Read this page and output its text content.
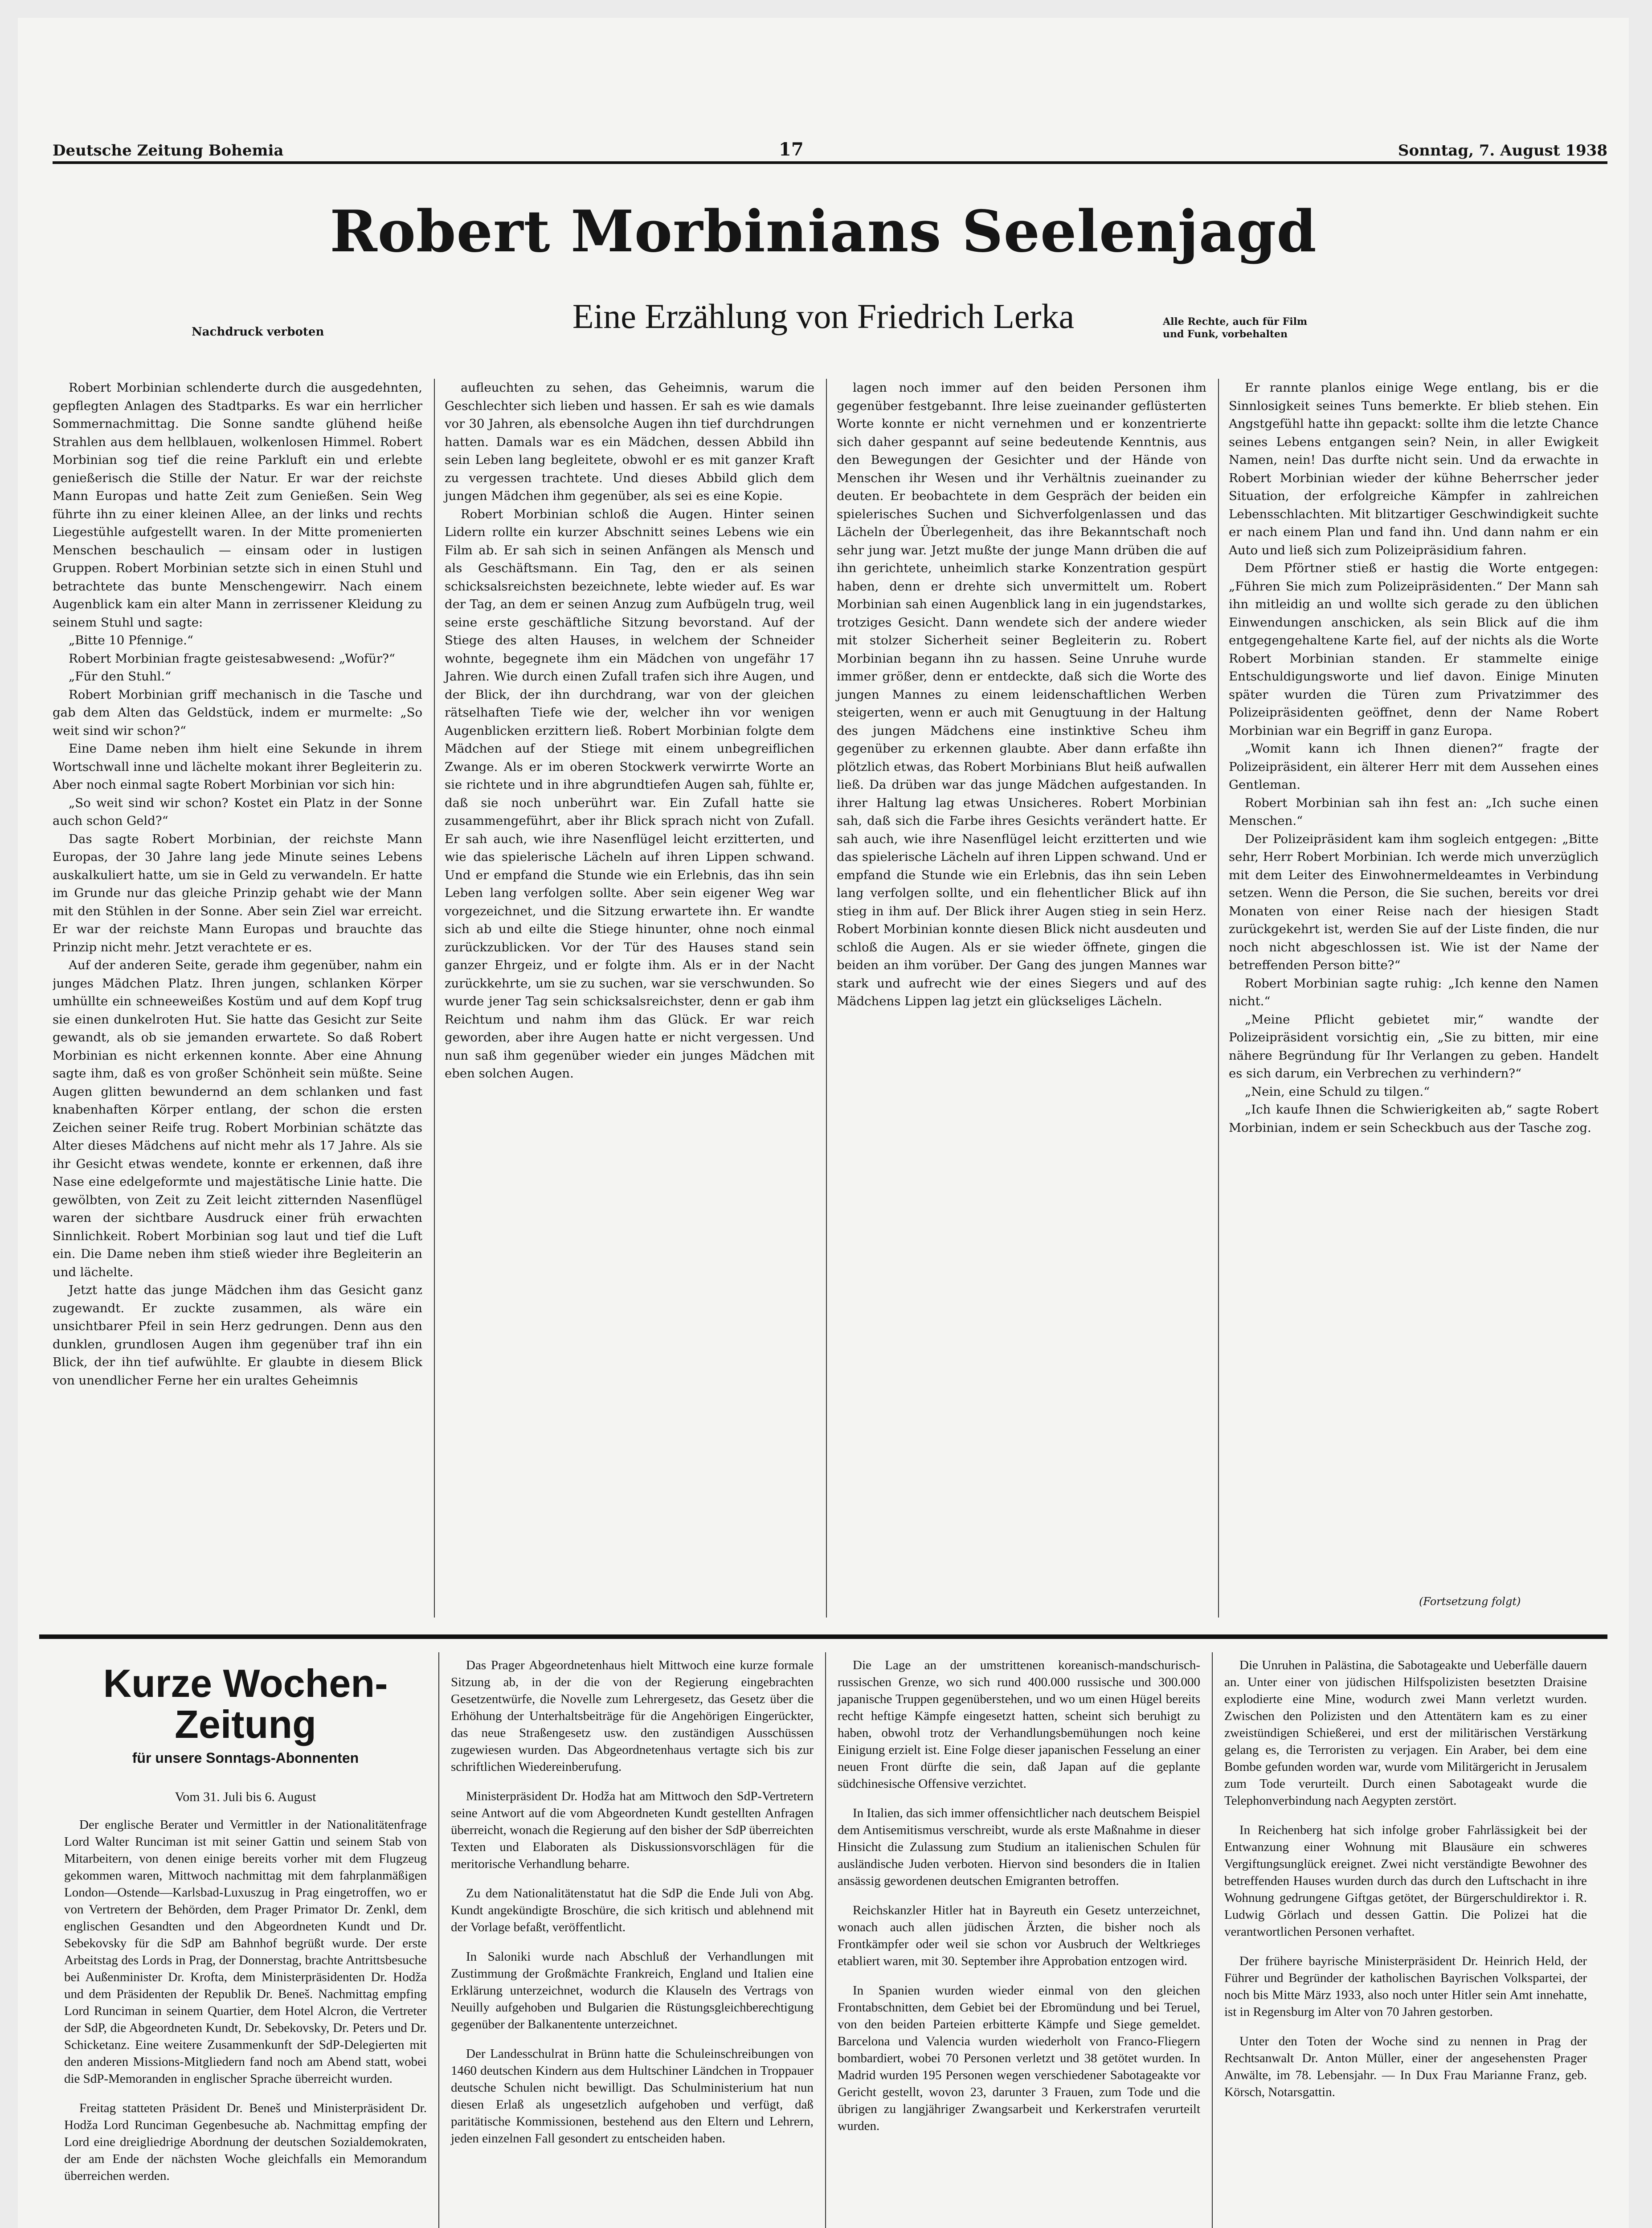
Deutsche Zeitung Bohemia	17	Sonntag, 7. August 1938
Robert Morbinians Seelenjagd
Nachdruck verboten	Eine Erzählung von Friedrich Lerka	Alle Rechte, auch für Film und Funk, vorbehalten

Robert Morbinian schlenderte durch die ausgedehnten, gepflegten Anlagen des Stadtparks. Es war ein herrlicher Sommernachmittag. Die Sonne sandte glühend heiße Strahlen aus dem hellblauen, wolkenlosen Himmel. Robert Morbinian sog tief die reine Parkluft ein und erlebte genießerisch die Stille der Natur. Er war der reichste Mann Europas und hatte Zeit zum Genießen. Sein Weg führte ihn zu einer kleinen Allee, an der links und rechts Liegestühle aufgestellt waren. In der Mitte promenierten Menschen beschaulich — einsam oder in lustigen Gruppen. Robert Morbinian setzte sich in einen Stuhl und betrachtete das bunte Menschengewirr. Nach einem Augenblick kam ein alter Mann in zerrissener Kleidung zu seinem Stuhl und sagte:

„Bitte 10 Pfennige.“

Robert Morbinian fragte geistesabwesend: „Wofür?“

„Für den Stuhl.“

Robert Morbinian griff mechanisch in die Tasche und gab dem Alten das Geldstück, indem er murmelte: „So weit sind wir schon?“

Eine Dame neben ihm hielt eine Sekunde in ihrem Wortschwall inne und lächelte mokant ihrer Begleiterin zu. Aber noch einmal sagte Robert Morbinian vor sich hin:

„So weit sind wir schon? Kostet ein Platz in der Sonne auch schon Geld?“

Das sagte Robert Morbinian, der reichste Mann Europas, der 30 Jahre lang jede Minute seines Lebens auskalkuliert hatte, um sie in Geld zu verwandeln. Er hatte im Grunde nur das gleiche Prinzip gehabt wie der Mann mit den Stühlen in der Sonne. Aber sein Ziel war erreicht. Er war der reichste Mann Europas und brauchte das Prinzip nicht mehr. Jetzt verachtete er es.

Auf der anderen Seite, gerade ihm gegenüber, nahm ein junges Mädchen Platz. Ihren jungen, schlanken Körper umhüllte ein schneeweißes Kostüm und auf dem Kopf trug sie einen dunkelroten Hut. Sie hatte das Gesicht zur Seite gewandt, als ob sie jemanden erwartete. So daß Robert Morbinian es nicht erkennen konnte. Aber eine Ahnung sagte ihm, daß es von großer Schönheit sein müßte. Seine Augen glitten bewundernd an dem schlanken und fast knabenhaften Körper entlang, der schon die ersten Zeichen seiner Reife trug. Robert Morbinian schätzte das Alter dieses Mädchens auf nicht mehr als 17 Jahre. Als sie ihr Gesicht etwas wendete, konnte er erkennen, daß ihre Nase eine edelgeformte und majestätische Linie hatte. Die gewölbten, von Zeit zu Zeit leicht zitternden Nasenflügel waren der sichtbare Ausdruck einer früh erwachten Sinnlichkeit. Robert Morbinian sog laut und tief die Luft ein. Die Dame neben ihm stieß wieder ihre Begleiterin an und lächelte.

Jetzt hatte das junge Mädchen ihm das Gesicht ganz zugewandt. Er zuckte zusammen, als wäre ein unsichtbarer Pfeil in sein Herz gedrungen. Denn aus den dunklen, grundlosen Augen ihm gegenüber traf ihn ein Blick, der ihn tief aufwühlte. Er glaubte in diesem Blick von unendlicher Ferne her ein uraltes Geheimnis

aufleuchten zu sehen, das Geheimnis, warum die Geschlechter sich lieben und hassen. Er sah es wie damals vor 30 Jahren, als ebensolche Augen ihn tief durchdrungen hatten. Damals war es ein Mädchen, dessen Abbild ihn sein Leben lang begleitete, obwohl er es mit ganzer Kraft zu vergessen trachtete. Und dieses Abbild glich dem jungen Mädchen ihm gegenüber, als sei es eine Kopie.

Robert Morbinian schloß die Augen. Hinter seinen Lidern rollte ein kurzer Abschnitt seines Lebens wie ein Film ab. Er sah sich in seinen Anfängen als Mensch und als Geschäftsmann. Ein Tag, den er als seinen schicksalsreichsten bezeichnete, lebte wieder auf. Es war der Tag, an dem er seinen Anzug zum Aufbügeln trug, weil seine erste geschäftliche Sitzung bevorstand. Auf der Stiege des alten Hauses, in welchem der Schneider wohnte, begegnete ihm ein Mädchen von ungefähr 17 Jahren. Wie durch einen Zufall trafen sich ihre Augen, und der Blick, der ihn durchdrang, war von der gleichen rätselhaften Tiefe wie der, welcher ihn vor wenigen Augenblicken erzittern ließ. Robert Morbinian folgte dem Mädchen auf der Stiege mit einem unbegreiflichen Zwange. Als er im oberen Stockwerk verwirrte Worte an sie richtete und in ihre abgrundtiefen Augen sah, fühlte er, daß sie noch unberührt war. Ein Zufall hatte sie zusammengeführt, aber ihr Blick sprach nicht von Zufall. Er sah auch, wie ihre Nasenflügel leicht erzitterten, und wie das spielerische Lächeln auf ihren Lippen schwand. Und er empfand die Stunde wie ein Erlebnis, das ihn sein Leben lang verfolgen sollte. Aber sein eigener Weg war vorgezeichnet, und die Sitzung erwartete ihn. Er wandte sich ab und eilte die Stiege hinunter, ohne noch einmal zurückzublicken. Vor der Tür des Hauses stand sein ganzer Ehrgeiz, und er folgte ihm. Als er in der Nacht zurückkehrte, um sie zu suchen, war sie verschwunden. So wurde jener Tag sein schicksalsreichster, denn er gab ihm Reichtum und nahm ihm das Glück. Er war reich geworden, aber ihre Augen hatte er nicht vergessen. Und nun saß ihm gegenüber wieder ein junges Mädchen mit eben solchen Augen.

lagen noch immer auf den beiden Personen ihm gegenüber festgebannt. Ihre leise zueinander geflüsterten Worte konnte er nicht vernehmen und er konzentrierte sich daher gespannt auf seine bedeutende Kenntnis, aus den Bewegungen der Gesichter und der Hände von Menschen ihr Wesen und ihr Verhältnis zueinander zu deuten. Er beobachtete in dem Gespräch der beiden ein spielerisches Suchen und Sichverfolgenlassen und das Lächeln der Überlegenheit, das ihre Bekanntschaft noch sehr jung war. Jetzt mußte der junge Mann drüben die auf ihn gerichtete, unheimlich starke Konzentration gespürt haben, denn er drehte sich unvermittelt um. Robert Morbinian sah einen Augenblick lang in ein jugendstarkes, trotziges Gesicht. Dann wendete sich der andere wieder mit stolzer Sicherheit seiner Begleiterin zu. Robert Morbinian begann ihn zu hassen. Seine Unruhe wurde immer größer, denn er entdeckte, daß sich die Worte des jungen Mannes zu einem leidenschaftlichen Werben steigerten, wenn er auch mit Genugtuung in der Haltung des jungen Mädchens eine instinktive Scheu ihm gegenüber zu erkennen glaubte. Aber dann erfaßte ihn plötzlich etwas, das Robert Morbinians Blut heiß aufwallen ließ. Da drüben war das junge Mädchen aufgestanden. In ihrer Haltung lag etwas Unsicheres. Robert Morbinian sah, daß sich die Farbe ihres Gesichts verändert hatte. Er sah auch, wie ihre Nasenflügel leicht erzitterten und wie das spielerische Lächeln auf ihren Lippen schwand. Und er empfand die Stunde wie ein Erlebnis, das ihn sein Leben lang verfolgen sollte, und ein flehentlicher Blick auf ihn stieg in ihm auf. Der Blick ihrer Augen stieg in sein Herz. Robert Morbinian konnte diesen Blick nicht ausdeuten und schloß die Augen. Als er sie wieder öffnete, gingen die beiden an ihm vorüber. Der Gang des jungen Mannes war stark und aufrecht wie der eines Siegers und auf des Mädchens Lippen lag jetzt ein glückseliges Lächeln.

Er rannte planlos einige Wege entlang, bis er die Sinnlosigkeit seines Tuns bemerkte. Er blieb stehen. Ein Angstgefühl hatte ihn gepackt: sollte ihm die letzte Chance seines Lebens entgangen sein? Nein, in aller Ewigkeit Namen, nein! Das durfte nicht sein. Und da erwachte in Robert Morbinian wieder der kühne Beherrscher jeder Situation, der erfolgreiche Kämpfer in zahlreichen Lebensschlachten. Mit blitzartiger Geschwindigkeit suchte er nach einem Plan und fand ihn. Und dann nahm er ein Auto und ließ sich zum Polizeipräsidium fahren.

Dem Pförtner stieß er hastig die Worte entgegen: „Führen Sie mich zum Polizeipräsidenten.“ Der Mann sah ihn mitleidig an und wollte sich gerade zu den üblichen Einwendungen anschicken, als sein Blick auf die ihm entgegengehaltene Karte fiel, auf der nichts als die Worte Robert Morbinian standen. Er stammelte einige Entschuldigungsworte und lief davon. Einige Minuten später wurden die Türen zum Privatzimmer des Polizeipräsidenten geöffnet, denn der Name Robert Morbinian war ein Begriff in ganz Europa.

„Womit kann ich Ihnen dienen?“ fragte der Polizeipräsident, ein älterer Herr mit dem Aussehen eines Gentleman.

Robert Morbinian sah ihn fest an: „Ich suche einen Menschen.“

Der Polizeipräsident kam ihm sogleich entgegen: „Bitte sehr, Herr Robert Morbinian. Ich werde mich unverzüglich mit dem Leiter des Einwohnermeldeamtes in Verbindung setzen. Wenn die Person, die Sie suchen, bereits vor drei Monaten von einer Reise nach der hiesigen Stadt zurückgekehrt ist, werden Sie auf der Liste finden, die nur noch nicht abgeschlossen ist. Wie ist der Name der betreffenden Person bitte?“

Robert Morbinian sagte ruhig: „Ich kenne den Namen nicht.“

„Meine Pflicht gebietet mir,“ wandte der Polizeipräsident vorsichtig ein, „Sie zu bitten, mir eine nähere Begründung für Ihr Verlangen zu geben. Handelt es sich darum, ein Verbrechen zu verhindern?“

„Nein, eine Schuld zu tilgen.“

„Ich kaufe Ihnen die Schwierigkeiten ab,“ sagte Robert Morbinian, indem er sein Scheckbuch aus der Tasche zog.

(Fortsetzung folgt)
Kurze Wochen-Zeitung
für unsere Sonntags-Abonnenten
Vom 31. Juli bis 6. August

Der englische Berater und Vermittler in der Nationalitätenfrage Lord Walter Runciman ist mit seiner Gattin und seinem Stab von Mitarbeitern, von denen einige bereits vorher mit dem Flugzeug gekommen waren, Mittwoch nachmittag mit dem fahrplanmäßigen London—Ostende—Karlsbad-Luxuszug in Prag eingetroffen, wo er von Vertretern der Behörden, dem Prager Primator Dr. Zenkl, dem englischen Gesandten und den Abgeordneten Kundt und Dr. Sebekovsky für die SdP am Bahnhof begrüßt wurde. Der erste Arbeitstag des Lords in Prag, der Donnerstag, brachte Antrittsbesuche bei Außenminister Dr. Krofta, dem Ministerpräsidenten Dr. Hodža und dem Präsidenten der Republik Dr. Beneš. Nachmittag empfing Lord Runciman in seinem Quartier, dem Hotel Alcron, die Vertreter der SdP, die Abgeordneten Kundt, Dr. Sebekovsky, Dr. Peters und Dr. Schicketanz. Eine weitere Zusammenkunft der SdP-Delegierten mit den anderen Missions-Mitgliedern fand noch am Abend statt, wobei die SdP-Memoranden in englischer Sprache überreicht wurden.

Freitag statteten Präsident Dr. Beneš und Ministerpräsident Dr. Hodža Lord Runciman Gegenbesuche ab. Nachmittag empfing der Lord eine dreigliedrige Abordnung der deutschen Sozialdemokraten, der am Ende der nächsten Woche gleichfalls ein Memorandum überreichen werden.

Das Prager Abgeordnetenhaus hielt Mittwoch eine kurze formale Sitzung ab, in der die von der Regierung eingebrachten Gesetzentwürfe, die Novelle zum Lehrergesetz, das Gesetz über die Erhöhung der Unterhaltsbeiträge für die Angehörigen Eingerückter, das neue Straßengesetz usw. den zuständigen Ausschüssen zugewiesen wurden. Das Abgeordnetenhaus vertagte sich bis zur schriftlichen Wiedereinberufung.

Ministerpräsident Dr. Hodža hat am Mittwoch den SdP-Vertretern seine Antwort auf die vom Abgeordneten Kundt gestellten Anfragen überreicht, wonach die Regierung auf den bisher der SdP überreichten Texten und Elaboraten als Diskussionsvorschlägen für die meritorische Verhandlung beharre.

Zu dem Nationalitätenstatut hat die SdP die Ende Juli von Abg. Kundt angekündigte Broschüre, die sich kritisch und ablehnend mit der Vorlage befaßt, veröffentlicht.

In Saloniki wurde nach Abschluß der Verhandlungen mit Zustimmung der Großmächte Frankreich, England und Italien eine Erklärung unterzeichnet, wodurch die Klauseln des Vertrags von Neuilly aufgehoben und Bulgarien die Rüstungsgleichberechtigung gegenüber der Balkanentente unterzeichnet.

Der Landesschulrat in Brünn hatte die Schuleinschreibungen von 1460 deutschen Kindern aus dem Hultschiner Ländchen in Troppauer deutsche Schulen nicht bewilligt. Das Schulministerium hat nun diesen Erlaß als ungesetzlich aufgehoben und verfügt, daß paritätische Kommissionen, bestehend aus den Eltern und Lehrern, jeden einzelnen Fall gesondert zu entscheiden haben.

Die Lage an der umstrittenen koreanisch-mandschurisch-russischen Grenze, wo sich rund 400.000 russische und 300.000 japanische Truppen gegenüberstehen, und wo um einen Hügel bereits recht heftige Kämpfe eingesetzt hatten, scheint sich beruhigt zu haben, obwohl trotz der Verhandlungsbemühungen noch keine Einigung erzielt ist. Eine Folge dieser japanischen Fesselung an einer neuen Front dürfte die sein, daß Japan auf die geplante südchinesische Offensive verzichtet.

In Italien, das sich immer offensichtlicher nach deutschem Beispiel dem Antisemitismus verschreibt, wurde als erste Maßnahme in dieser Hinsicht die Zulassung zum Studium an italienischen Schulen für ausländische Juden verboten. Hiervon sind besonders die in Italien ansässig gewordenen deutschen Emigranten betroffen.

Reichskanzler Hitler hat in Bayreuth ein Gesetz unterzeichnet, wonach auch allen jüdischen Ärzten, die bisher noch als Frontkämpfer oder weil sie schon vor Ausbruch der Weltkrieges etabliert waren, mit 30. September ihre Approbation entzogen wird.

In Spanien wurden wieder einmal von den gleichen Frontabschnitten, dem Gebiet bei der Ebromündung und bei Teruel, von den beiden Parteien erbitterte Kämpfe und Siege gemeldet. Barcelona und Valencia wurden wiederholt von Franco-Fliegern bombardiert, wobei 70 Personen verletzt und 38 getötet wurden. In Madrid wurden 195 Personen wegen verschiedener Sabotageakte vor Gericht gestellt, wovon 23, darunter 3 Frauen, zum Tode und die übrigen zu langjähriger Zwangsarbeit und Kerkerstrafen verurteilt wurden.

Die Unruhen in Palästina, die Sabotageakte und Ueberfälle dauern an. Unter einer von jüdischen Hilfspolizisten besetzten Draisine explodierte eine Mine, wodurch zwei Mann verletzt wurden. Zwischen den Polizisten und den Attentätern kam es zu einer zweistündigen Schießerei, und erst der militärischen Verstärkung gelang es, die Terroristen zu verjagen. Ein Araber, bei dem eine Bombe gefunden worden war, wurde vom Militärgericht in Jerusalem zum Tode verurteilt. Durch einen Sabotageakt wurde die Telephonverbindung nach Aegypten zerstört.

In Reichenberg hat sich infolge grober Fahrlässigkeit bei der Entwanzung einer Wohnung mit Blausäure ein schweres Vergiftungsunglück ereignet. Zwei nicht verständigte Bewohner des betreffenden Hauses wurden durch das durch den Luftschacht in ihre Wohnung gedrungene Giftgas getötet, der Bürgerschuldirektor i. R. Ludwig Görlach und dessen Gattin. Die Polizei hat die verantwortlichen Personen verhaftet.

Der frühere bayrische Ministerpräsident Dr. Heinrich Held, der Führer und Begründer der katholischen Bayrischen Volkspartei, der noch bis Mitte März 1933, also noch unter Hitler sein Amt innehatte, ist in Regensburg im Alter von 70 Jahren gestorben.

Unter den Toten der Woche sind zu nennen in Prag der Rechtsanwalt Dr. Anton Müller, einer der angesehensten Prager Anwälte, im 78. Lebensjahr. — In Dux Frau Marianne Franz, geb. Körsch, Notarsgattin.
